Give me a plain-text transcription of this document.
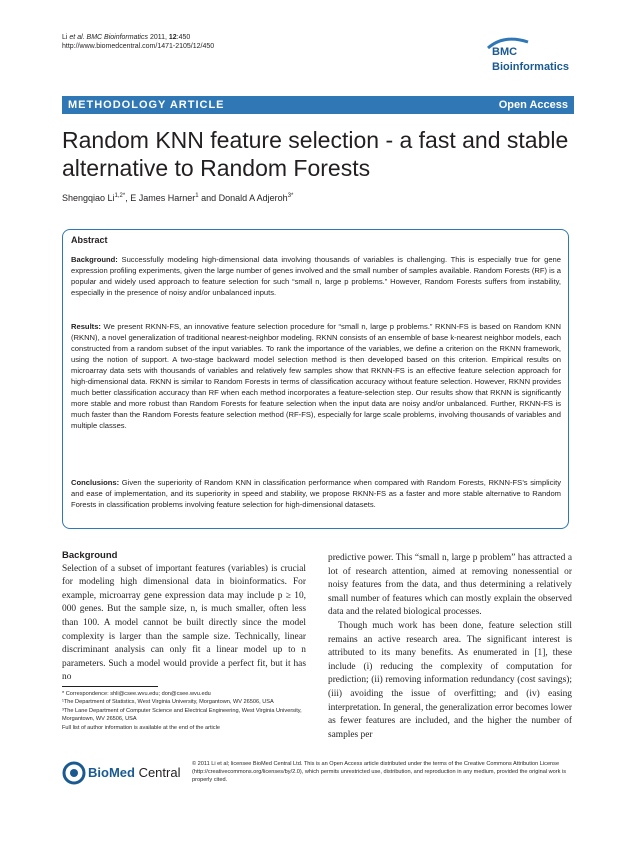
Li et al. BMC Bioinformatics 2011, 12:450
http://www.biomedcentral.com/1471-2105/12/450	BMC
Bioinformatics
METHODOLOGY ARTICLE	Open Access
Random KNN feature selection - a fast and stable alternative to Random Forests
Shengqiao $Li^{1,2*}$, E James Harner$^1$ and Donald A Adjeroh$^{3*}$
Abstract
Background: Successfully modeling high-dimensional data involving thousands of variables is challenging. This is especially true for gene expression profiling experiments, given the large number of genes involved and the small number of samples available. Random Forests (RF) is a popular and widely used approach to feature selection for such “small n, large p problems.” However, Random Forests suffers from instability, especially in the presence of noisy and/or unbalanced inputs.
Results: We present RKNN-FS, an innovative feature selection procedure for “small n, large p problems.” RKNN-FS is based on Random KNN (RKNN), a novel generalization of traditional nearest-neighbor modeling. RKNN consists of an ensemble of base k-nearest neighbor models, each constructed from a random subset of the input variables. To rank the importance of the variables, we define a criterion on the RKNN framework, using the notion of support. A two-stage backward model selection method is then developed based on this criterion. Empirical results on microarray data sets with thousands of variables and relatively few samples show that RKNN-FS is an effective feature selection approach for high-dimensional data. RKNN is similar to Random Forests in terms of classification accuracy without feature selection. However, RKNN provides much better classification accuracy than RF when each method incorporates a feature-selection step. Our results show that RKNN is significantly more stable and more robust than Random Forests for feature selection when the input data are noisy and/or unbalanced. Further, RKNN-FS is much faster than the Random Forests feature selection method (RF-FS), especially for large scale problems, involving thousands of variables and multiple classes.
Conclusions: Given the superiority of Random KNN in classification performance when compared with Random Forests, RKNN-FS’s simplicity and ease of implementation, and its superiority in speed and stability, we propose RKNN-FS as a faster and more stable alternative to Random Forests in classification problems involving feature selection for high-dimensional datasets.
Background
Selection of a subset of important features (variables) is crucial for modeling high dimensional data in bioinformatics. For example, microarray gene expression data may include p ≥ 10, 000 genes. But the sample size, n, is much smaller, often less than 100. A model cannot be built directly since the model complexity is larger than the sample size. Technically, linear discriminant analysis can only fit a linear model up to n parameters. Such a model would provide a perfect fit, but it has no
predictive power. This “small n, large p problem” has attracted a lot of research attention, aimed at removing nonessential or noisy features from the data, and thus determining a relatively small number of features which can mostly explain the observed data and the related biological processes.
Though much work has been done, feature selection still remains an active research area. The significant interest is attributed to its many benefits. As enumerated in [1], these include (i) reducing the complexity of computation for prediction; (ii) removing information redundancy (cost savings); (iii) avoiding the issue of overfitting; and (iv) easing interpretation. In general, the generalization error becomes lower as fewer features are included, and the higher the number of samples per
* Correspondence: shli@csee.wvu.edu; don@csee.wvu.edu
¹The Department of Statistics, West Virginia University, Morgantown, WV 26506, USA
³The Lane Department of Computer Science and Electrical Engineering, West Virginia University, Morgantown, WV 26506, USA
Full list of author information is available at the end of the article
BioMed Central
© 2011 Li et al; licensee BioMed Central Ltd. This is an Open Access article distributed under the terms of the Creative Commons Attribution License (http://creativecommons.org/licenses/by/2.0), which permits unrestricted use, distribution, and reproduction in any medium, provided the original work is properly cited.
